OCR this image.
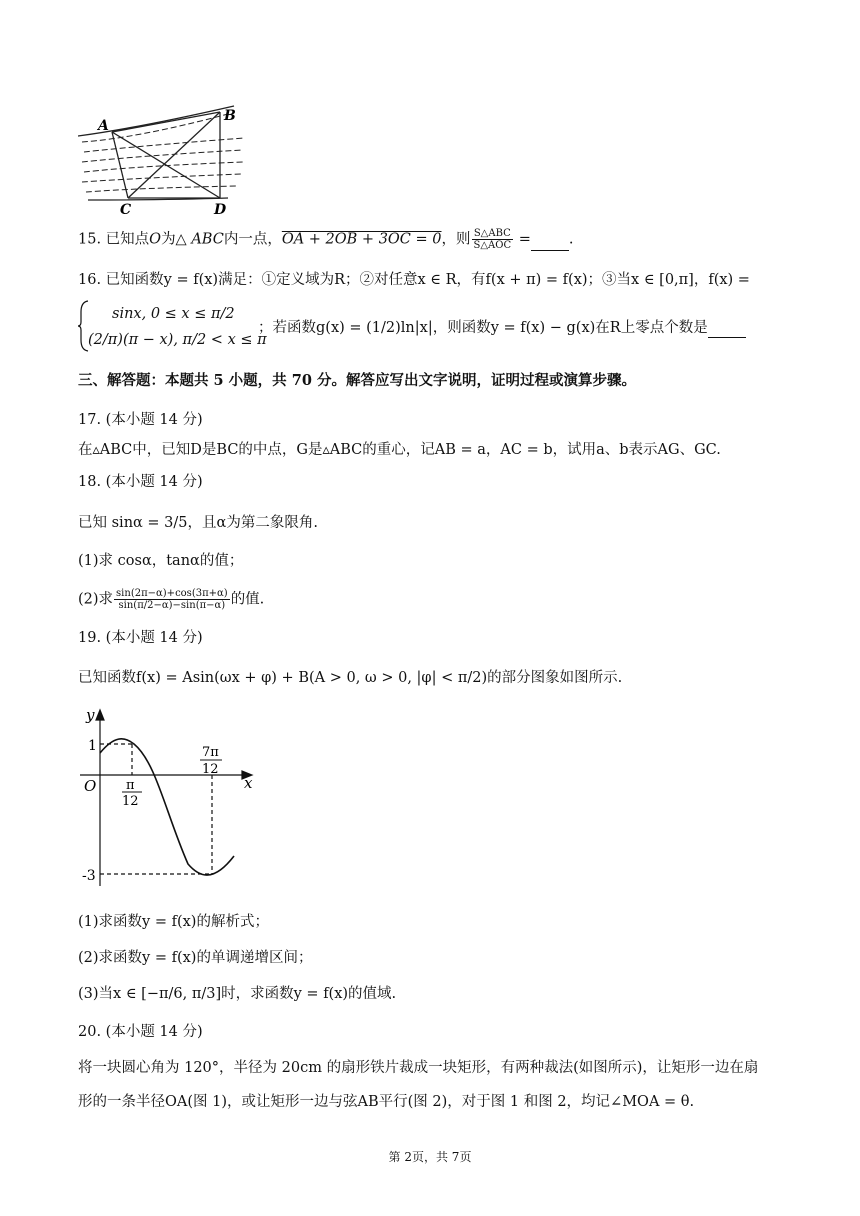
A
B
C	D
15. 已知点O为△ ABC内一点，OA + 2OB + 3OC = 0，则 $\frac{\text{S△ABC}}{\text{S△AOC}}$ =	.
16. 已知函数y = f(x)满足：①定义域为R；②对任意x ∈ R，有f(x + π) = f(x)；③当x ∈ [0,π]，f(x) =
sinx, 0 ≤ x ≤ π/2
(2/π)(π − x), π/2 < x ≤ π
；若函数g(x) = (1/2)ln|x|，则函数y = f(x) − g(x)在R上零点个数是
三、解答题：本题共 5 小题，共 70 分。解答应写出文字说明，证明过程或演算步骤。
17. (本小题 14 分)
在▵ABC中，已知D是BC的中点，G是▵ABC的重心，记AB = a，AC = b，试用a、b表示AG、GC.
18. (本小题 14 分)
已知 sinα = 3/5，且α为第二象限角.
(1)求 cosα，tanα的值；
(2)求 $\frac{\sin(2\pi-\alpha)+\cos(3\pi+\alpha)}{\sin(\pi/2-\alpha)-\sin(\pi-\alpha)}$ 的值.
19. (本小题 14 分)
已知函数f(x) = Asin(ωx + φ) + B(A > 0, ω > 0, |φ| < π/2)的部分图象如图所示.
y
x
O
1
-3
π
12
7π
12
(1)求函数y = f(x)的解析式；
(2)求函数y = f(x)的单调递增区间；
(3)当x ∈ [−π/6, π/3]时，求函数y = f(x)的值域.
20. (本小题 14 分)
将一块圆心角为 120°，半径为 20cm 的扇形铁片裁成一块矩形，有两种裁法(如图所示)，让矩形一边在扇
形的一条半径OA(图 1)，或让矩形一边与弦AB平行(图 2)，对于图 1 和图 2，均记∠MOA = θ.
第 2页，共 7页
